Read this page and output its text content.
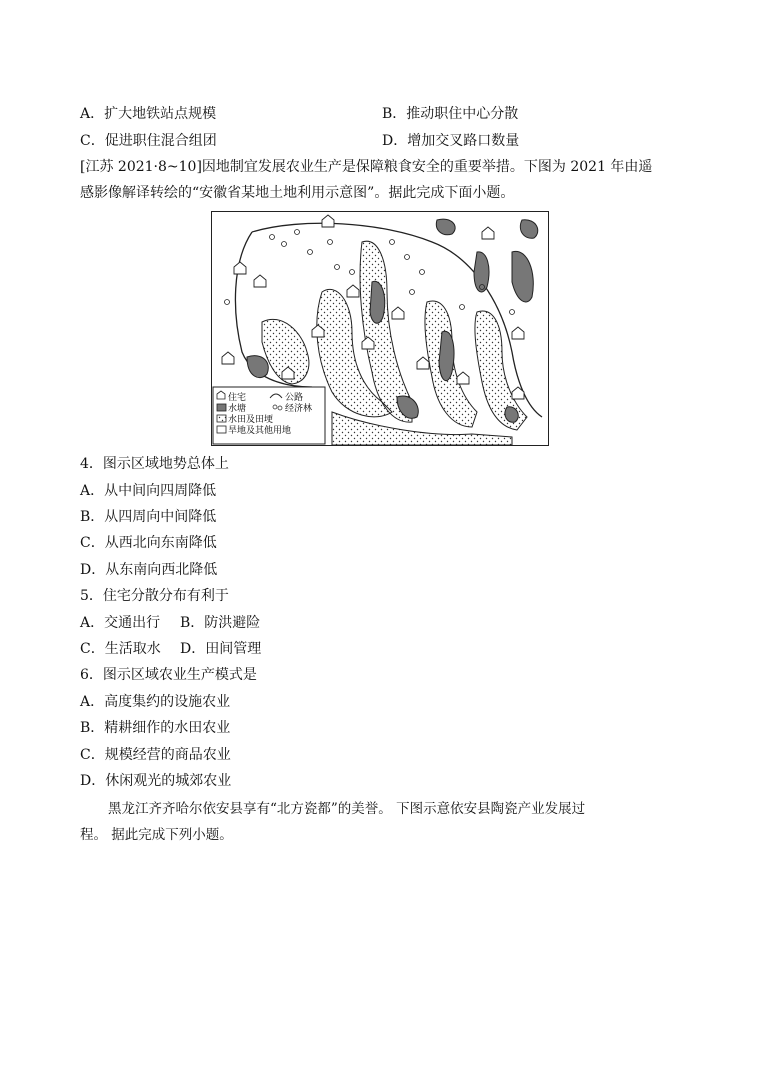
A．扩大地铁站点规模	B．推动职住中心分散
C．促进职住混合组团	D．增加交叉路口数量
[江苏 2021·8~10]因地制宜发展农业生产是保障粮食安全的重要举措。下图为 2021 年由遥
感影像解译转绘的“安徽省某地土地利用示意图”。据此完成下面小题。
住宅	公路
水塘	经济林
水田及田埂
旱地及其他用地
4．图示区域地势总体上
A．从中间向四周降低
B．从四周向中间降低
C．从西北向东南降低
D．从东南向西北降低
5．住宅分散分布有利于
A．交通出行 B．防洪避险
C．生活取水 D．田间管理
6．图示区域农业生产模式是
A．高度集约的设施农业
B．精耕细作的水田农业
C．规模经营的商品农业
D．休闲观光的城郊农业
黑龙江齐齐哈尔依安县享有“北方瓷都”的美誉。 下图示意依安县陶瓷产业发展过
程。 据此完成下列小题。
